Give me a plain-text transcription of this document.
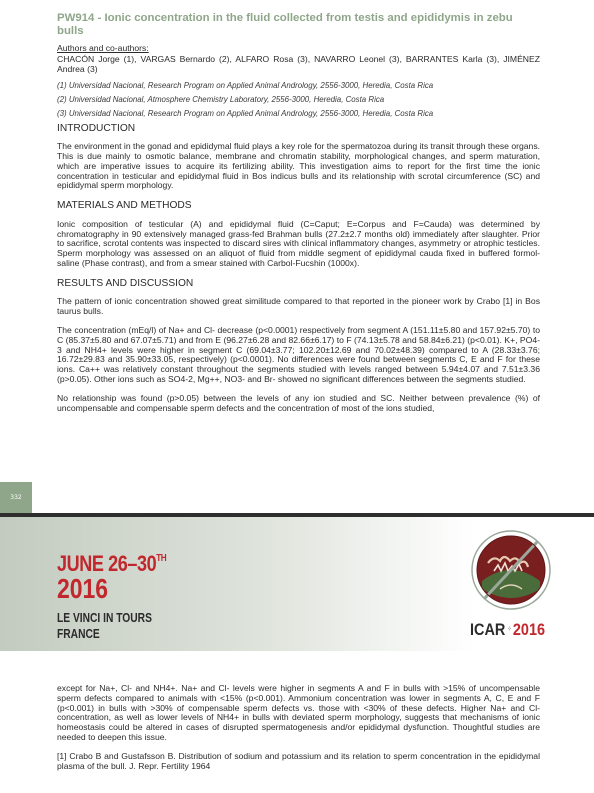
332
PW914 - Ionic concentration in the fluid collected from testis and epididymis in zebu bulls
Authors and co-authors:
CHACÓN Jorge (1), VARGAS Bernardo (2), ALFARO Rosa (3), NAVARRO Leonel (3), BARRANTES Karla (3), JIMÉNEZ Andrea (3)
(1) Universidad Nacional, Research Program on Applied Animal Andrology, 2556-3000, Heredia, Costa Rica
(2) Universidad Nacional, Atmosphere Chemistry Laboratory, 2556-3000, Heredia, Costa Rica
(3) Universidad Nacional, Research Program on Applied Animal Andrology, 2556-3000, Heredia, Costa Rica
INTRODUCTION
The environment in the gonad and epididymal fluid plays a key role for the spermatozoa during its transit through these organs. This is due mainly to osmotic balance, membrane and chromatin stability, morphological changes, and sperm maturation, which are imperative issues to acquire its fertilizing ability. This investigation aims to report for the first time the ionic concentration in testicular and epididymal fluid in Bos indicus bulls and its relationship with scrotal circumference (SC) and epididymal sperm morphology.
MATERIALS AND METHODS
Ionic composition of testicular (A) and epididymal fluid (C=Caput; E=Corpus and F=Cauda) was determined by chromatography in 90 extensively managed grass-fed Brahman bulls (27.2±2.7 months old) immediately after slaughter. Prior to sacrifice, scrotal contents was inspected to discard sires with clinical inflammatory changes, asymmetry or atrophic testicles. Sperm morphology was assessed on an aliquot of fluid from middle segment of epididymal cauda fixed in buffered formol-saline (Phase contrast), and from a smear stained with Carbol-Fucshin (1000x).
RESULTS AND DISCUSSION
The pattern of ionic concentration showed great similitude compared to that reported in the pioneer work by Crabo [1] in Bos taurus bulls.
The concentration (mEq/l) of Na+ and Cl- decrease (p<0.0001) respectively from segment A (151.11±5.80 and 157.92±5.70) to C (85.37±5.80 and 67.07±5.71) and from E (96.27±6.28 and 82.66±6.17) to F (74.13±5.78 and 58.84±6.21) (p<0.01). K+, PO4-3 and NH4+ levels were higher in segment C (69.04±3.77; 102.20±12.69 and 70.02±48.39) compared to A (28.33±3.76; 16.72±29.83 and 35.90±33.05, respectively) (p<0.0001). No differences were found between segments C, E and F for these ions. Ca++ was relatively constant throughout the segments studied with levels ranged between 5.94±4.07 and 7.51±3.36 (p>0.05). Other ions such as SO4-2, Mg++, NO3- and Br- showed no significant differences between the segments studied.
No relationship was found (p>0.05) between the levels of any ion studied and SC. Neither between prevalence (%) of uncompensable and compensable sperm defects and the concentration of most of the ions studied,
JUNE 26–30TH
2016
LE VINCI IN TOURS
FRANCE	ICAR ⁘ 2016
except for Na+, Cl- and NH4+. Na+ and Cl- levels were higher in segments A and F in bulls with >15% of uncompensable sperm defects compared to animals with <15% (p<0.001). Ammonium concentration was lower in segments A, C, E and F (p<0.001) in bulls with >30% of compensable sperm defects vs. those with <30% of these defects. Higher Na+ and Cl- concentration, as well as lower levels of NH4+ in bulls with deviated sperm morphology, suggests that mechanisms of ionic homeostasis could be altered in cases of disrupted spermatogenesis and/or epididymal dysfunction. Thoughtful studies are needed to deepen this issue.
[1] Crabo B and Gustafsson B. Distribution of sodium and potassium and its relation to sperm concentration in the epididymal plasma of the bull. J. Repr. Fertility 1964
